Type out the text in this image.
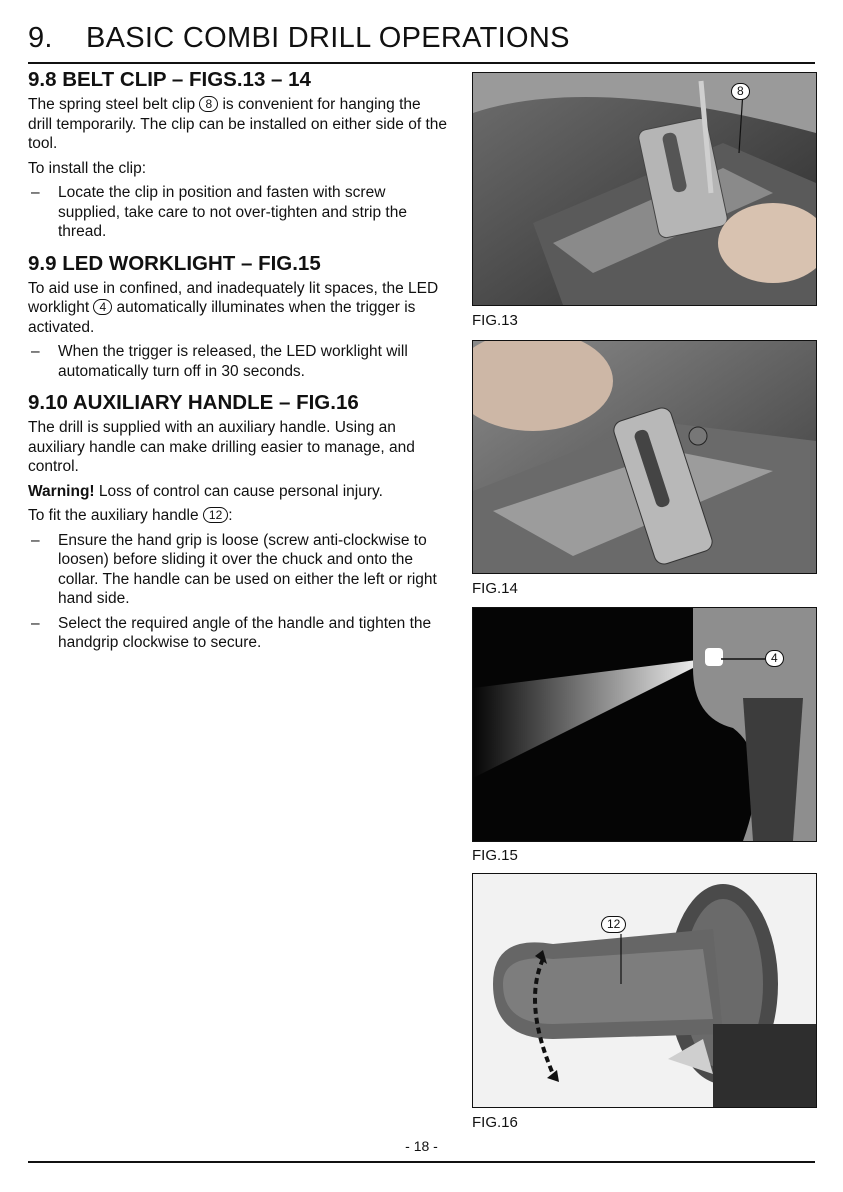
9. BASIC COMBI DRILL OPERATIONS
9.8 BELT CLIP – FIGS.13 – 14

The spring steel belt clip 8 is convenient for hanging the drill temporarily. The clip can be installed on either side of the tool.

To install the clip:

– Locate the clip in position and fasten with screw supplied, take care to not over-tighten and strip the thread.
9.9 LED WORKLIGHT – FIG.15

To aid use in confined, and inadequately lit spaces, the LED worklight 4 automatically illuminates when the trigger is activated.

– When the trigger is released, the LED worklight will automatically turn off in 30 seconds.
9.10 AUXILIARY HANDLE – FIG.16

The drill is supplied with an auxiliary handle. Using an auxiliary handle can make drilling easier to manage, and control.

Warning! Loss of control can cause personal injury.

To fit the auxiliary handle 12 :

– Ensure the hand grip is loose (screw anti-clockwise to loosen) before sliding it over the chuck and onto the collar. The handle can be used on either the left or right hand side.
– Select the required angle of the handle and tighten the handgrip clockwise to secure.
8
FIG.13
FIG.14
4
FIG.15
12
FIG.16
- 18 -
